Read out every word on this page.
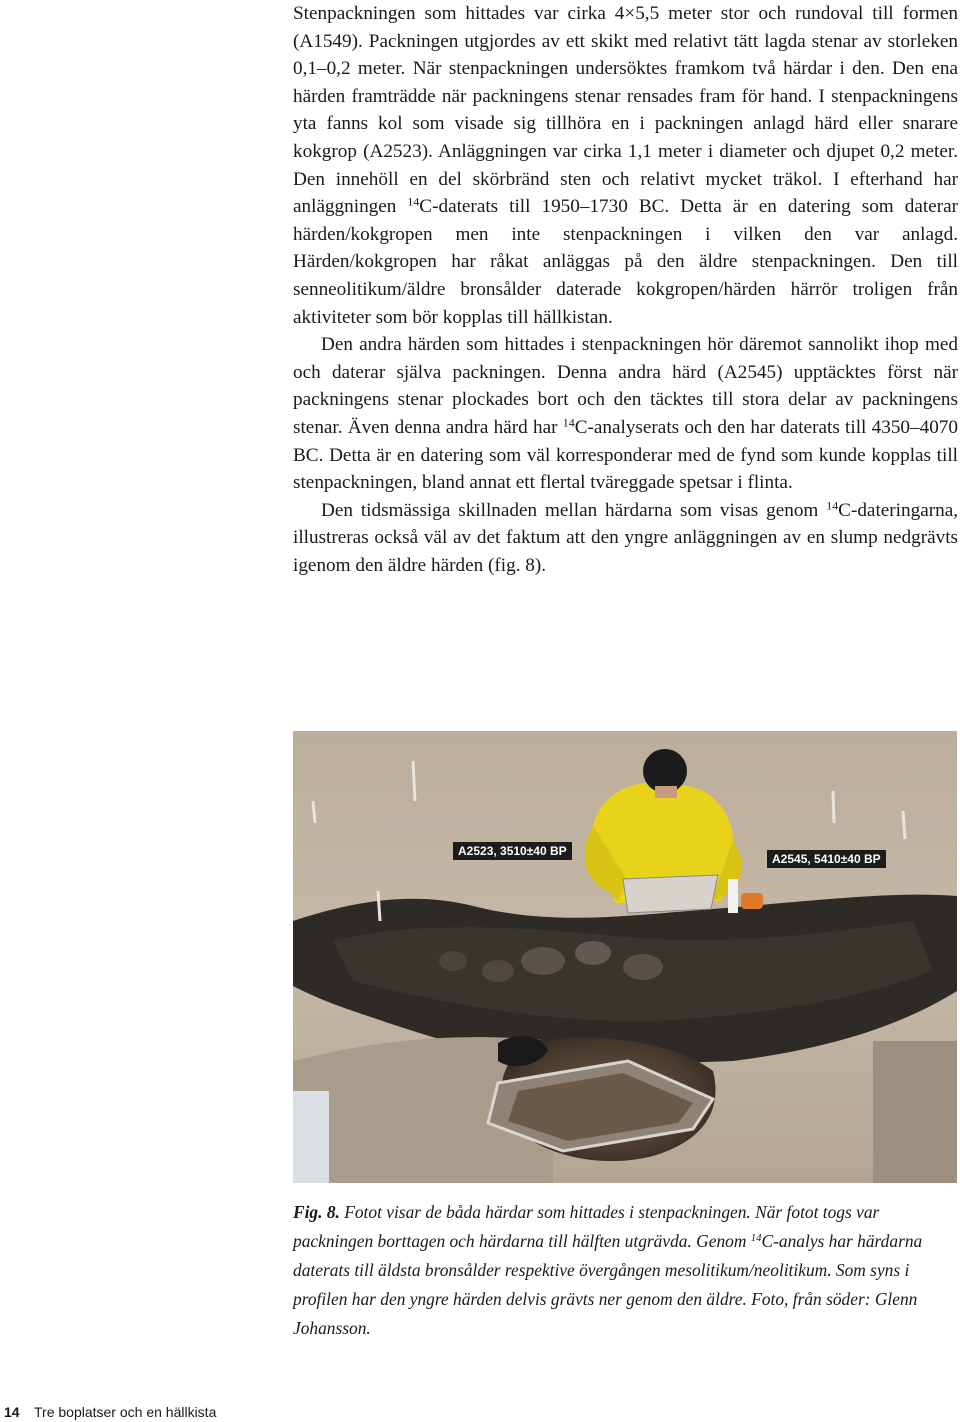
Stenpackningen som hittades var cirka 4×5,5 meter stor och rundoval till formen (A1549). Packningen utgjordes av ett skikt med relativt tätt lagda stenar av storleken 0,1–0,2 meter. När stenpackningen undersöktes framkom två härdar i den. Den ena härden framträdde när packningens stenar rensades fram för hand. I stenpackningens yta fanns kol som visade sig tillhöra en i packningen anlagd härd eller snarare kokgrop (A2523). Anläggningen var cirka 1,1 meter i diameter och djupet 0,2 meter. Den innehöll en del skörbränd sten och relativt mycket träkol. I efterhand har anläggningen $^{14}$C-daterats till 1950–1730 BC. Detta är en datering som daterar härden/kokgropen men inte stenpackningen i vilken den var anlagd. Härden/kokgropen har råkat anläggas på den äldre stenpackningen. Den till senneolitikum/äldre bronsålder daterade kokgropen/härden härrör troligen från aktiviteter som bör kopplas till hällkistan.

Den andra härden som hittades i stenpackningen hör däremot sannolikt ihop med och daterar själva packningen. Denna andra härd (A2545) upptäcktes först när packningens stenar plockades bort och den täcktes till stora delar av packningens stenar. Även denna andra härd har $^{14}$C-analyserats och den har daterats till 4350–4070 BC. Detta är en datering som väl korresponderar med de fynd som kunde kopplas till stenpackningen, bland annat ett flertal tväreggade spetsar i flinta.

Den tidsmässiga skillnaden mellan härdarna som visas genom $^{14}$C-dateringarna, illustreras också väl av det faktum att den yngre anläggningen av en slump nedgrävts igenom den äldre härden (fig. 8).

A2523, 3510±40 BP
A2545, 5410±40 BP
Fig. 8. Fotot visar de båda härdar som hittades i stenpackningen. När fotot togs var packningen borttagen och härdarna till hälften utgrävda. Genom $^{14}$C-analys har härdarna daterats till äldsta bronsålder respektive övergången mesolitikum/neolitikum. Som syns i profilen har den yngre härden delvis grävts ner genom den äldre. Foto, från söder: Glenn Johansson.
14 Tre boplatser och en hällkista
